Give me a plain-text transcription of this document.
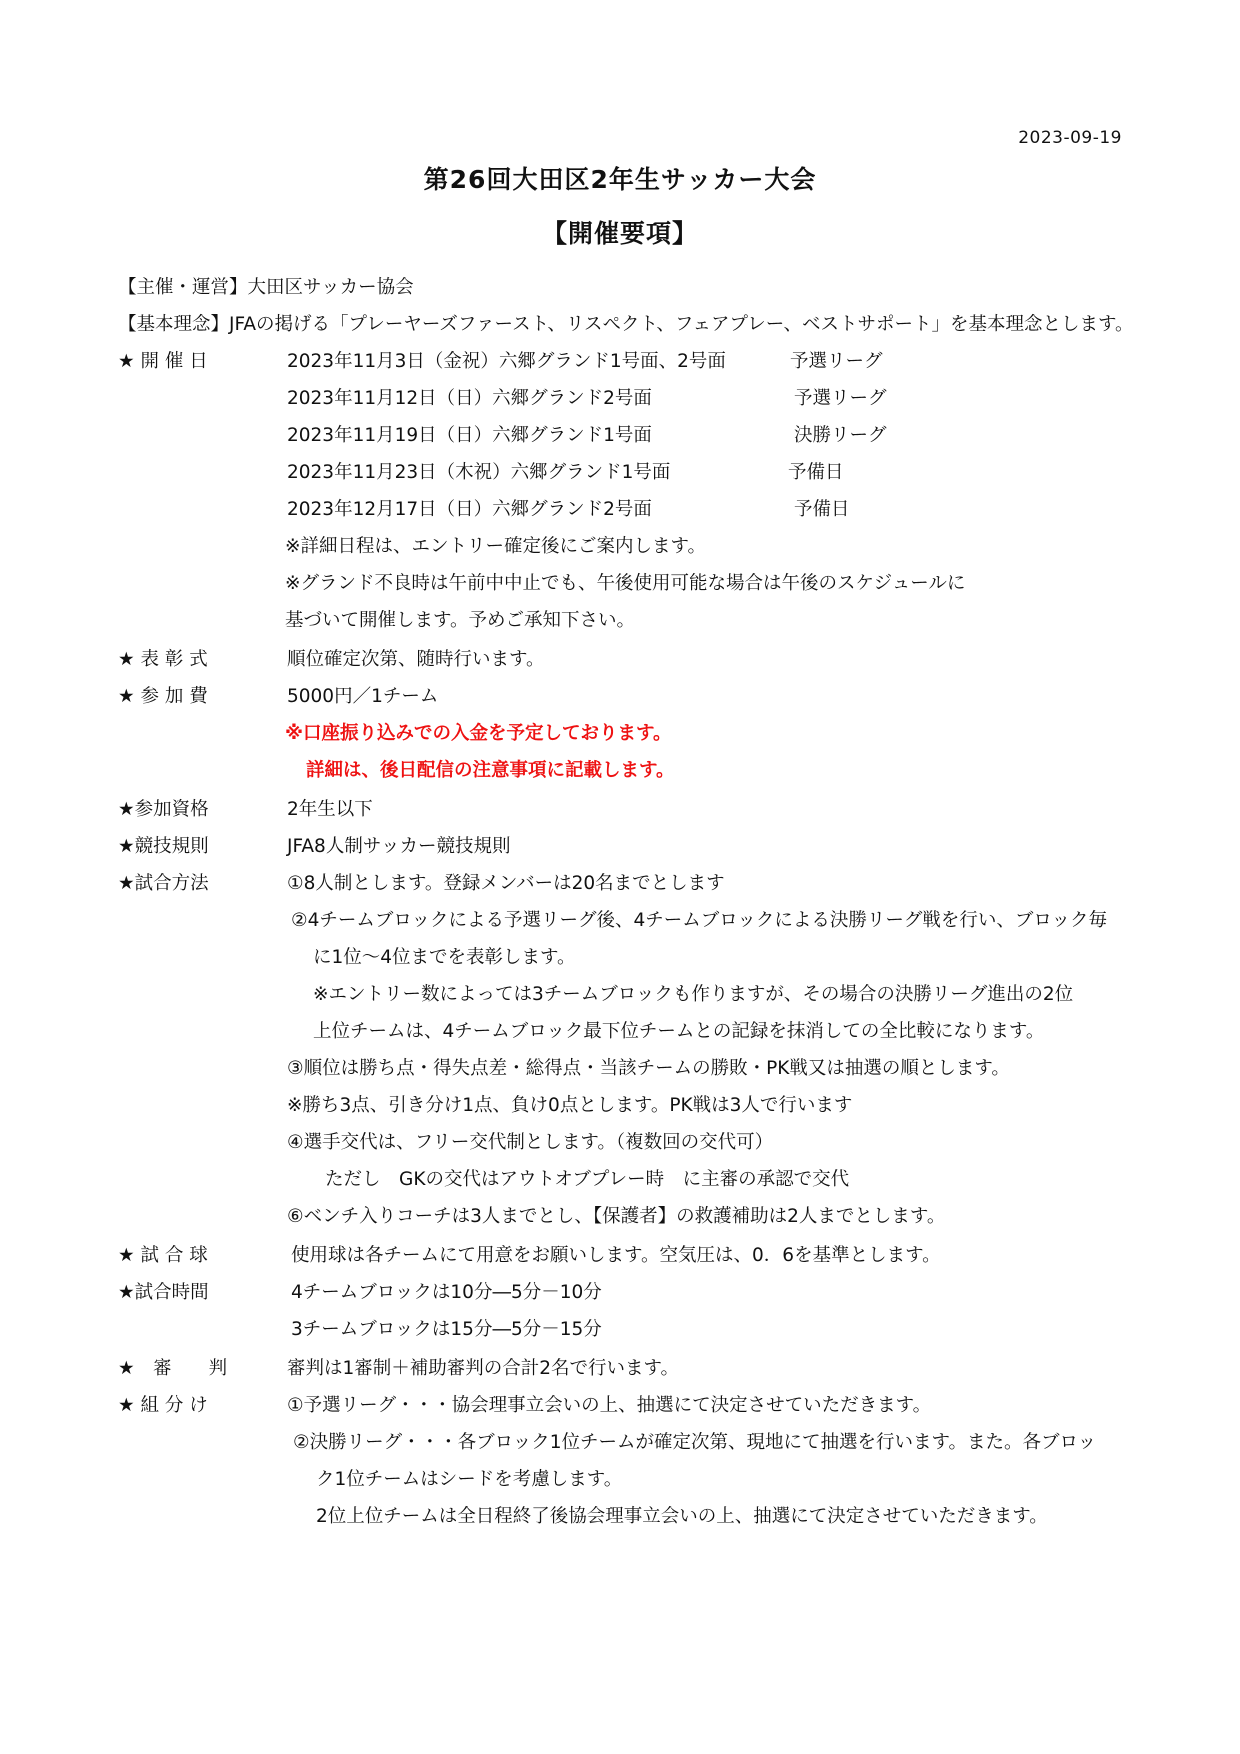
2023-09-19
第26回大田区2年生サッカー大会
【開催要項】
【主催・運営】大田区サッカー協会
【基本理念】JFAの掲げる「プレーヤーズファースト、リスペクト、フェアプレー、ベストサポート」を基本理念とします。
★ 開 催 日	2023年11月3日（金祝）六郷グランド1号面、2号面	予選リーグ
2023年11月12日（日）六郷グランド2号面	予選リーグ
2023年11月19日（日）六郷グランド1号面	決勝リーグ
2023年11月23日（木祝）六郷グランド1号面	予備日
2023年12月17日（日）六郷グランド2号面	予備日
※詳細日程は、エントリー確定後にご案内します。
※グランド不良時は午前中中止でも、午後使用可能な場合は午後のスケジュールに
基づいて開催します。予めご承知下さい。
★ 表 彰 式	順位確定次第、随時行います。
★ 参 加 費	5000円／1チーム
※口座振り込みでの入金を予定しております。
詳細は、後日配信の注意事項に記載します。
★参加資格	2年生以下
★競技規則	JFA8人制サッカー競技規則
★試合方法	①8人制とします。登録メンバーは20名までとします
②4チームブロックによる予選リーグ後、4チームブロックによる決勝リーグ戦を行い、ブロック毎
に1位～4位までを表彰します。
※エントリー数によっては3チームブロックも作りますが、その場合の決勝リーグ進出の2位
上位チームは、4チームブロック最下位チームとの記録を抹消しての全比較になります。
③順位は勝ち点・得失点差・総得点・当該チームの勝敗・PK戦又は抽選の順とします。
※勝ち3点、引き分け1点、負け0点とします。PK戦は3人で行います
④選手交代は、フリー交代制とします。（複数回の交代可）
ただし　GKの交代はアウトオブプレー時　に主審の承認で交代
⑥ベンチ入りコーチは3人までとし、【保護者】の救護補助は2人までとします。
★ 試 合 球	使用球は各チームにて用意をお願いします。空気圧は、0．6を基準とします。
★試合時間	4チームブロックは10分―5分－10分
3チームブロックは15分―5分－15分
★　審　　判	審判は1審制＋補助審判の合計2名で行います。
★ 組 分 け	①予選リーグ・・・協会理事立会いの上、抽選にて決定させていただきます。
②決勝リーグ・・・各ブロック1位チームが確定次第、現地にて抽選を行います。また。各ブロッ
ク1位チームはシードを考慮します。
2位上位チームは全日程終了後協会理事立会いの上、抽選にて決定させていただきます。
